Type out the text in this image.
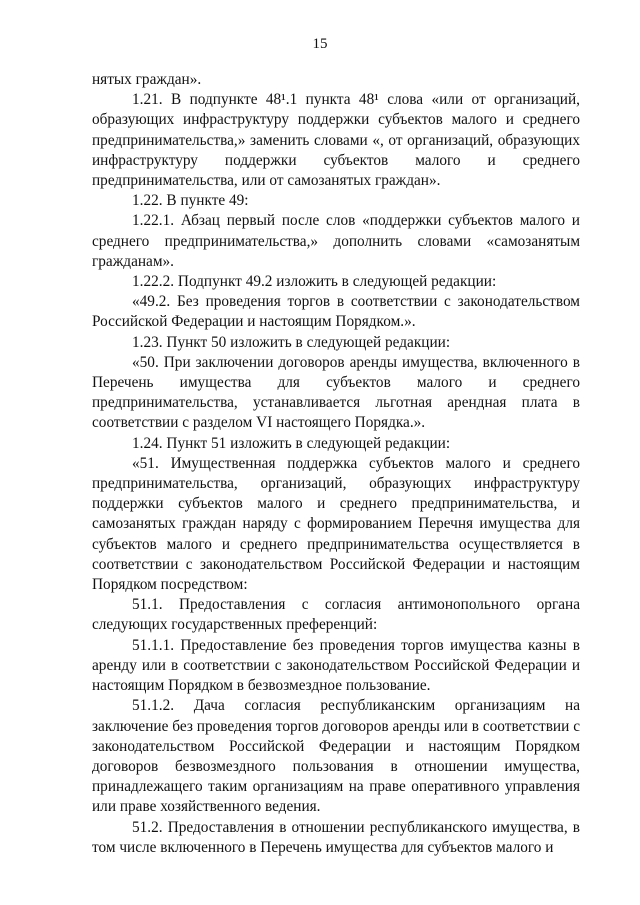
15

нятых граждан».

1.21. В подпункте 48¹.1 пункта 48¹ слова «или от организаций, образующих инфраструктуру поддержки субъектов малого и среднего предпринимательства,» заменить словами «, от организаций, образующих инфраструктуру поддержки субъектов малого и среднего предпринимательства, или от самозанятых граждан».

1.22. В пункте 49:

1.22.1. Абзац первый после слов «поддержки субъектов малого и среднего предпринимательства,» дополнить словами «самозанятым гражданам».

1.22.2. Подпункт 49.2 изложить в следующей редакции:

«49.2. Без проведения торгов в соответствии с законодательством Российской Федерации и настоящим Порядком.».

1.23. Пункт 50 изложить в следующей редакции:

«50. При заключении договоров аренды имущества, включенного в Перечень имущества для субъектов малого и среднего предпринимательства, устанавливается льготная арендная плата в соответствии с разделом VI настоящего Порядка.».

1.24. Пункт 51 изложить в следующей редакции:

«51. Имущественная поддержка субъектов малого и среднего предпринимательства, организаций, образующих инфраструктуру поддержки субъектов малого и среднего предпринимательства, и самозанятых граждан наряду с формированием Перечня имущества для субъектов малого и среднего предпринимательства осуществляется в соответствии с законодательством Российской Федерации и настоящим Порядком посредством:

51.1. Предоставления с согласия антимонопольного органа следующих государственных преференций:

51.1.1. Предоставление без проведения торгов имущества казны в аренду или в соответствии с законодательством Российской Федерации и настоящим Порядком в безвозмездное пользование.

51.1.2. Дача согласия республиканским организациям на заключение без проведения торгов договоров аренды или в соответствии с законодательством Российской Федерации и настоящим Порядком договоров безвозмездного пользования в отношении имущества, принадлежащего таким организациям на праве оперативного управления или праве хозяйственного ведения.

51.2. Предоставления в отношении республиканского имущества, в том числе включенного в Перечень имущества для субъектов малого и
